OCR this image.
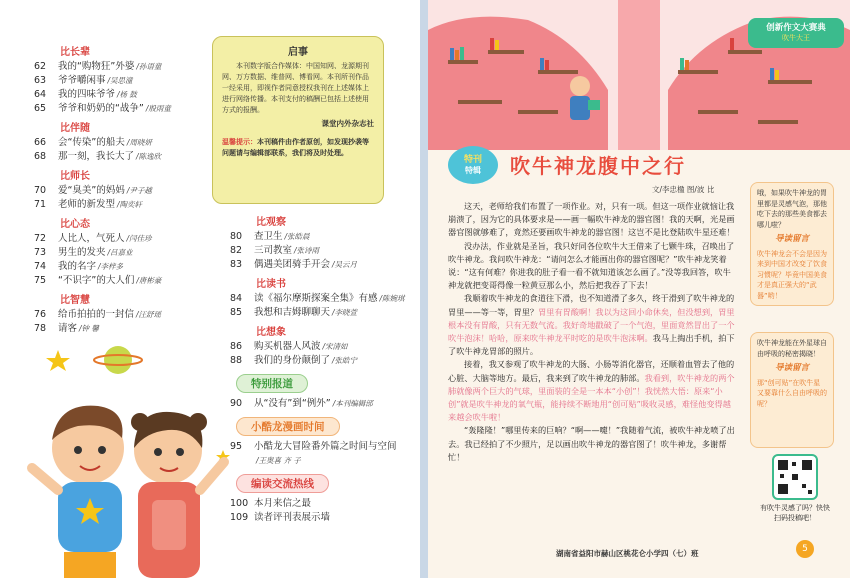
比长辈
62	我的“购物狂”外婆 /孙语童
63	爷爷嚼闲事 /吴思潼
64	我的四味爷爷 /杨 鼓
65	爷爷和奶奶的“战争” /殷雨童
比伴随
66	会“传染”的船夫 /周晓妍
68	那一刻，我长大了 /陈逸欣
比师长
70	爱“臭美”的妈妈 /尹子越
71	老师的新发型 /陶奕轩
比心态
72	人比人，气死人 /闫佳珍
73	男生的发夹 /吕嘉业
74	我的名字 /李梓多
75	“不识字”的大人们 /唐彬豪
比智慧
76	给币拍拍的一封信 /汪舒瑶
78	请客 /钟 馨
启事
本刊数字版合作媒体：中国知网、龙源期刊网、万方数据、维普网、博看网。本刊所刊作品一经采用，即视作者同意授权我刊在上述媒体上进行网络传播。本刊支付的稿酬已包括上述使用方式的报酬。
课堂内外杂志社
温馨提示：本刊稿件由作者原创，如发现抄袭等问题请与编辑部联系，我们将及时处理。
比观察
80	查卫生 /张皓晨
82	三司教室 /张诗雨
83	偶遇美团骑手开会 /吴云月
比读书
84	读《福尔摩斯探案全集》有感 /陈婉琪
85	我想和吉姆聊聊天 /李晓萱
比想象
86	购买机器人风波 /宋清如
88	我们的身份颠倒了 /张皓宁
特别报道
90	从“没有”到“例外” /本刊编辑部
小酷龙漫画时间
95	小酷龙大冒险番外篇之时间与空间
/王奥喜 齐 子
编读交流热线
100 本月来信之最
109 读者评刊表展示墙
创新作文大赛典
吹牛大王
特刊
特辑	吹牛神龙腹中之行
文/李忠楹 图/波 比

这天，老师给我们布置了一项作业。对，只有一项。但这一项作业就恼让我崩溃了，因为它的具体要求是——画一幅吹牛神龙的器官图！我的天啊，光是画器官图就够难了，竟然还要画吹牛神龙的器官图！这岂不是比登陆吹牛星还难！

没办法，作业就是圣旨，我只好同各位吹牛大王借来了七颗牛珠，召唤出了吹牛神龙。我问吹牛神龙：“请问怎么才能画出你的器官图呢？”吹牛神龙笑着说：“这有何难？你进我的肚子看一看不就知道该怎么画了。”没等我回答，吹牛神龙就把变哥得像一粒黄豆那么小，然后把我吞了下去！

我顺着吹牛神龙的食道往下滑，也不知道滑了多久，终于滑到了吹牛神龙的胃里——等一等，胃里？胃里有胃酸啊！我以为这回小命休矣，但没想到，胃里根本没有胃酸，只有无数气流。我好奇地戳破了一个气泡，里面竟然冒出了一个吹牛泡沫！哈哈，原来吹牛神龙平时吃的是吹牛泡沫啊。我马上掏出手机，拍下了吹牛神龙胃部的照片。

接着，我又参观了吹牛神龙的大肠、小肠等消化器官，还顺着血管去了他的心脏、大脑等地方。最后，我来到了吹牛神龙的肺部。我看到，吹牛神龙的两个肺就像两个巨大的气球，里面装的全是一本本“小创”！我恍然大悟：原来“小创”就是吹牛神龙的氧气瓶，能持续不断地用“创可贴”吸收灵感，难怪他变得越来越会吹牛啦！

“轰隆隆！”哪里传来的巨响？“啊——嚏！”我随着气流，被吹牛神龙喷了出去。我已经拍了不少照片，足以画出吹牛神龙的器官图了！吹牛神龙，多谢帮忙！

哦，如果吹牛神龙的胃里都是灵感气泡，那他吃下去的那些美食都去哪儿啦？
导读留言
吹牛神龙会不会是因为来到中国才改变了饮食习惯呢？毕竟中国美食才是真正强大的“武器”哟！
吹牛神龙能在外星球自由呼吸的秘密揭晓！
导读留言
那“创可贴”在吹牛星又要靠什么自由呼吸的呢？
有吹牛灵感了吗？快快扫码投稿吧！
湖南省益阳市赫山区桃花仑小学四（七）班	5
